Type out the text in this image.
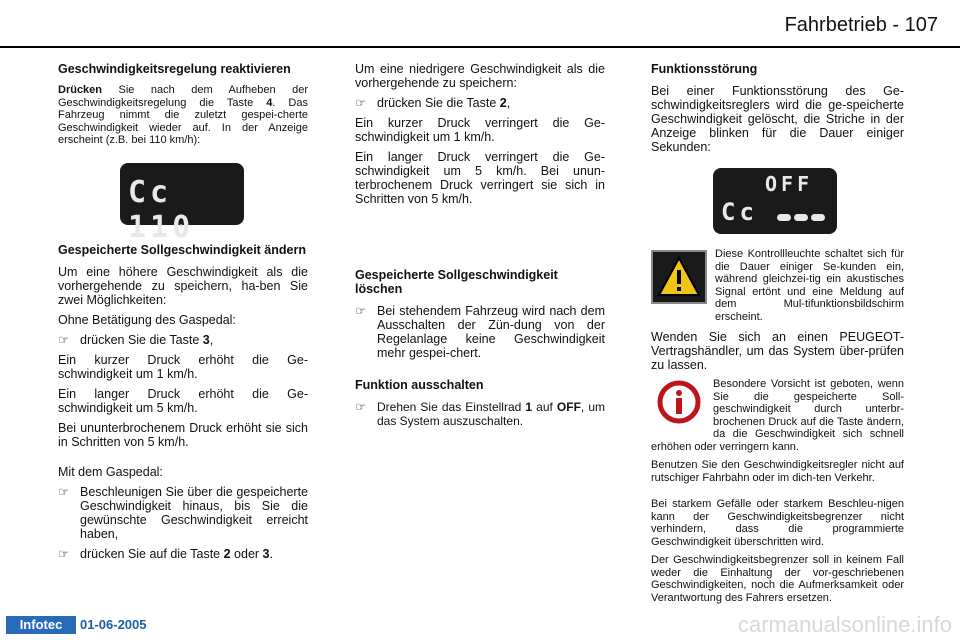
Fahrbetrieb - 107
Geschwindigkeitsregelung reaktivieren
Drücken Sie nach dem Aufheben der Geschwindigkeitsregelung die Taste 4. Das Fahrzeug nimmt die zuletzt gespei-cherte Geschwindigkeit wieder auf. In der Anzeige erscheint (z.B. bei 110 km/h):
Cc 110
Gespeicherte Sollgeschwindigkeit ändern
Um eine höhere Geschwindigkeit als die vorhergehende zu speichern, ha-ben Sie zwei Möglichkeiten:
Ohne Betätigung des Gaspedal:
☞ drücken Sie die Taste 3,
Ein kurzer Druck erhöht die Ge-schwindigkeit um 1 km/h.
Ein langer Druck erhöht die Ge-schwindigkeit um 5 km/h.
Bei ununterbrochenem Druck erhöht sie sich in Schritten von 5 km/h.
Mit dem Gaspedal:
☞ Beschleunigen Sie über die gespeicherte Geschwindigkeit hinaus, bis Sie die gewünschte Geschwindigkeit erreicht haben,
☞ drücken Sie auf die Taste 2 oder 3.
Um eine niedrigere Geschwindigkeit als die vorhergehende zu speichern:
☞ drücken Sie die Taste 2,
Ein kurzer Druck verringert die Ge-schwindigkeit um 1 km/h.
Ein langer Druck verringert die Ge-schwindigkeit um 5 km/h. Bei unun-terbrochenem Druck verringert sie sich in Schritten von 5 km/h.
Gespeicherte Sollgeschwindigkeit löschen
☞ Bei stehendem Fahrzeug wird nach dem Ausschalten der Zün-dung von der Regelanlage keine Geschwindigkeit mehr gespei-chert.
Funktion ausschalten
☞ Drehen Sie das Einstellrad 1 auf OFF, um das System auszuschalten.
Funktionsstörung
Bei einer Funktionsstörung des Ge-schwindigkeitsreglers wird die ge-speicherte Geschwindigkeit gelöscht, die Striche in der Anzeige blinken für die Dauer einiger Sekunden:
OFF
Cc
Diese Kontrollleuchte schaltet sich für die Dauer einiger Se-kunden ein, während gleichzei-tig ein akustisches Signal ertönt und eine Meldung auf dem Mul-tifunktionsbildschirm erscheint.
Wenden Sie sich an einen PEUGEOT-Vertragshändler, um das System über-prüfen zu lassen.
Besondere Vorsicht ist geboten, wenn Sie die gespeicherte Soll-geschwindigkeit durch unterbr-brochenen Druck auf die Taste ändern, da die Geschwindigkeit sich schnell erhöhen oder verringern kann.
Benutzen Sie den Geschwindigkeitsregler nicht auf rutschiger Fahrbahn oder im dich-ten Verkehr.
Bei starkem Gefälle oder starkem Beschleu-nigen kann der Geschwindigkeitsbegrenzer nicht verhindern, dass die programmierte Geschwindigkeit überschritten wird.
Der Geschwindigkeitsbegrenzer soll in keinem Fall weder die Einhaltung der vor-geschriebenen Geschwindigkeiten, noch die Aufmerksamkeit oder Verantwortung des Fahrers ersetzen.
Infotec	01-06-2005	carmanualsonline.info
